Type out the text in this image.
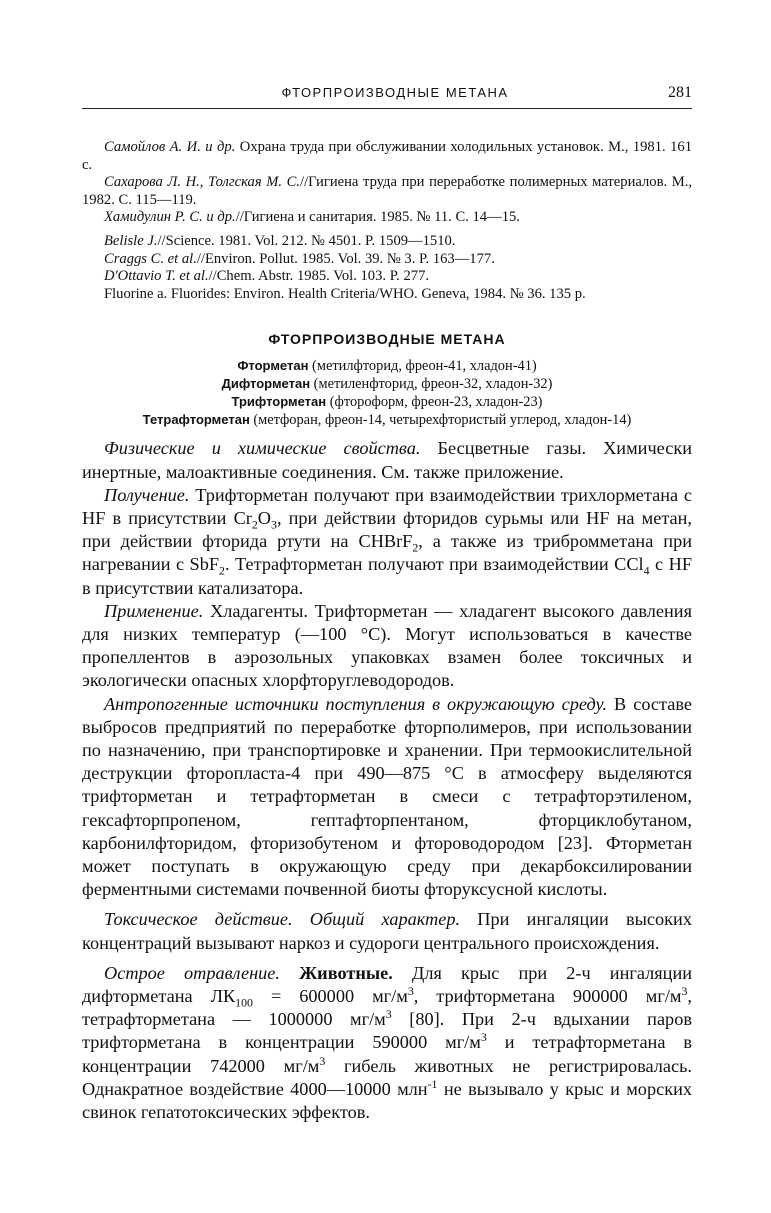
ФТОРПРОИЗВОДНЫЕ МЕТАНА	281

Самойлов А. И. и др. Охрана труда при обслуживании холодильных установок. М., 1981. 161 с.

Сахарова Л. Н., Толгская М. С.//Гигиена труда при переработке полимерных материалов. М., 1982. С. 115—119.

Хамидулин Р. С. и др.//Гигиена и санитария. 1985. № 11. С. 14—15.

Belisle J.//Science. 1981. Vol. 212. № 4501. P. 1509—1510.

Craggs C. et al.//Environ. Pollut. 1985. Vol. 39. № 3. P. 163—177.

D'Ottavio T. et al.//Chem. Abstr. 1985. Vol. 103. P. 277.

Fluorine a. Fluorides: Environ. Health Criteria/WHO. Geneva, 1984. № 36. 135 p.

ФТОРПРОИЗВОДНЫЕ МЕТАНА
Фторметан (метилфторид, фреон-41, хладон-41)
Дифторметан (метиленфторид, фреон-32, хладон-32)
Трифторметан (фтороформ, фреон-23, хладон-23)
Тетрафторметан (метфоран, фреон-14, четырехфтористый углерод, хладон-14)

Физические и химические свойства. Бесцветные газы. Химически инертные, малоактивные соединения. См. также приложение.

Получение. Трифторметан получают при взаимодействии трихлорметана с HF в присутствии $Cr_2O_3$, при действии фторидов сурьмы или HF на метан, при действии фторида ртути на CHBrF$_2$, а также из трибромметана при нагревании с SbF$_2$. Тетрафторметан получают при взаимодействии CCl$_4$ с HF в присутствии катализатора.

Применение. Хладагенты. Трифторметан — хладагент высокого давления для низких температур (—100 °С). Могут использоваться в качестве пропеллентов в аэрозольных упаковках взамен более токсичных и экологически опасных хлорфторуглеводородов.

Антропогенные источники поступления в окружающую среду. В составе выбросов предприятий по переработке фторполимеров, при использовании по назначению, при транспортировке и хранении. При термоокислительной деструкции фторопласта-4 при 490—875 °С в атмосферу выделяются трифторметан и тетрафторметан в смеси с тетрафторэтиленом, гексафторпропеном, гептафторпентаном, фторциклобутаном, карбонилфторидом, фторизобутеном и фтороводородом [23]. Фторметан может поступать в окружающую среду при декарбоксилировании ферментными системами почвенной биоты фторуксусной кислоты.

Токсическое действие. Общий характер. При ингаляции высоких концентраций вызывают наркоз и судороги центрального происхождения.

Острое отравление. Животные. Для крыс при 2-ч ингаляции дифторметана $ЛК_{100} = 600000$ $мг/м^3$, трифторметана 900000 $мг/м^3$, тетрафторметана — 1000000 $мг/м^3$ [80]. При 2-ч вдыхании паров трифторметана в концентрации 590000 $мг/м^3$ и тетрафторметана в концентрации 742000 $мг/м^3$ гибель животных не регистрировалась. Однакратное воздействие 4000—10000 млн$^{-1}$ не вызывало у крыс и морских свинок гепатотоксических эффектов.
